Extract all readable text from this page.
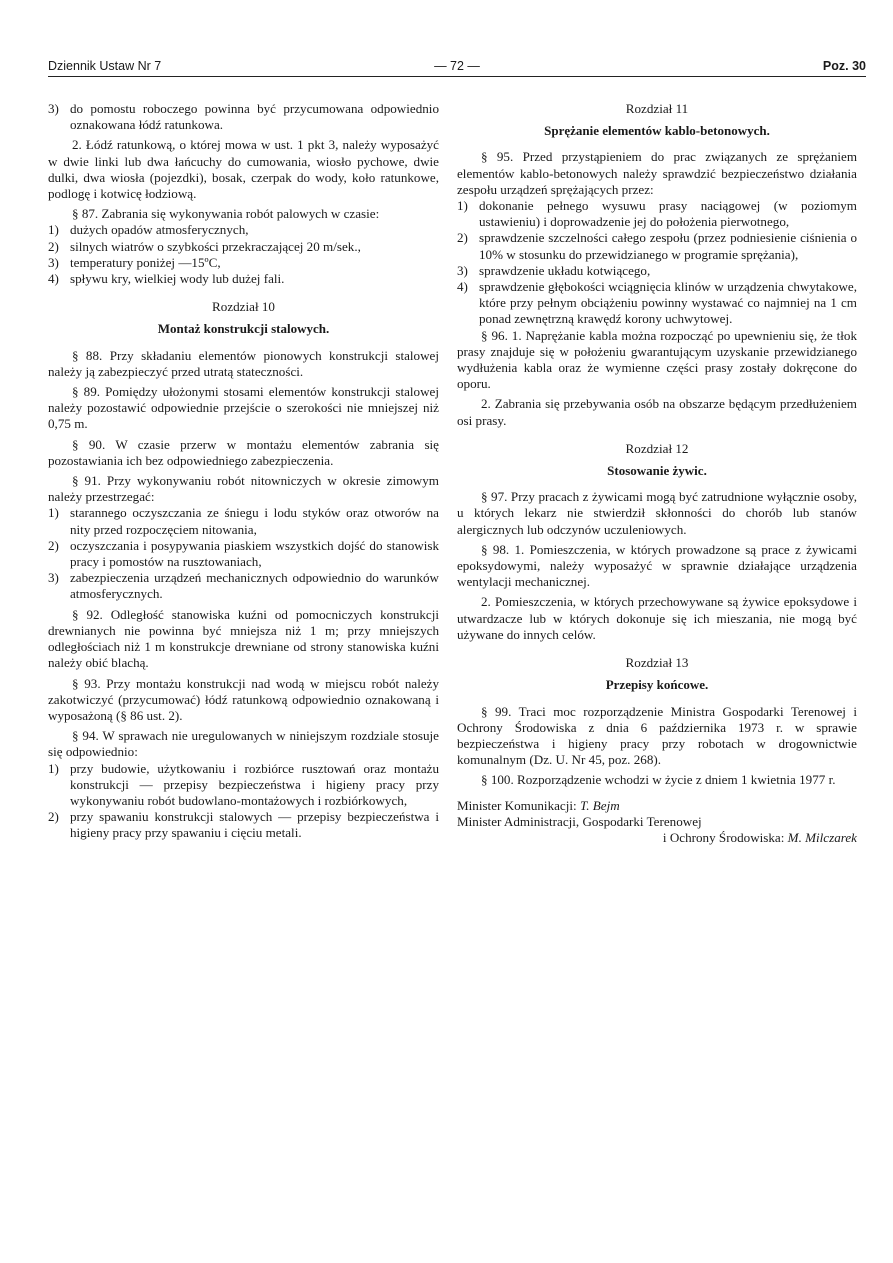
Dziennik Ustaw Nr 7	— 72 —	Poz. 30
3) do pomostu roboczego powinna być przycumowana odpowiednio oznakowana łódź ratunkowa.

2. Łódź ratunkową, o której mowa w ust. 1 pkt 3, należy wyposażyć w dwie linki lub dwa łańcuchy do cumowania, wiosło pychowe, dwie dulki, dwa wiosła (pojezdki), bosak, czerpak do wody, koło ratunkowe, podlogę i kotwicę łodziową.

§ 87. Zabrania się wykonywania robót palowych w czasie:

1) dużych opadów atmosferycznych,
2) silnych wiatrów o szybkości przekraczającej 20 m/sek.,
3) temperatury poniżej —15ºC,
4) spływu kry, wielkiej wody lub dużej fali.
Rozdział 10
Montaż konstrukcji stalowych.

§ 88. Przy składaniu elementów pionowych konstrukcji stalowej należy ją zabezpieczyć przed utratą stateczności.

§ 89. Pomiędzy ułożonymi stosami elementów konstrukcji stalowej należy pozostawić odpowiednie przejście o szerokości nie mniejszej niż 0,75 m.

§ 90. W czasie przerw w montażu elementów zabrania się pozostawiania ich bez odpowiedniego zabezpieczenia.

§ 91. Przy wykonywaniu robót nitowniczych w okresie zimowym należy przestrzegać:

1) starannego oczyszczania ze śniegu i lodu styków oraz otworów na nity przed rozpoczęciem nitowania,
2) oczyszczania i posypywania piaskiem wszystkich dojść do stanowisk pracy i pomostów na rusztowaniach,
3) zabezpieczenia urządzeń mechanicznych odpowiednio do warunków atmosferycznych.

§ 92. Odległość stanowiska kuźni od pomocniczych konstrukcji drewnianych nie powinna być mniejsza niż 1 m; przy mniejszych odległościach niż 1 m konstrukcje drewniane od strony stanowiska kuźni należy obić blachą.

§ 93. Przy montażu konstrukcji nad wodą w miejscu robót należy zakotwiczyć (przycumować) łódź ratunkową odpowiednio oznakowaną i wyposażoną (§ 86 ust. 2).

§ 94. W sprawach nie uregulowanych w niniejszym rozdziale stosuje się odpowiednio:

1) przy budowie, użytkowaniu i rozbiórce rusztowań oraz montażu konstrukcji — przepisy bezpieczeństwa i higieny pracy przy wykonywaniu robót budowlano-montażowych i rozbiórkowych,
2) przy spawaniu konstrukcji stalowych — przepisy bezpieczeństwa i higieny pracy przy spawaniu i cięciu metali.
Rozdział 11
Sprężanie elementów kablo-betonowych.

§ 95. Przed przystąpieniem do prac związanych ze sprężaniem elementów kablo-betonowych należy sprawdzić bezpieczeństwo działania zespołu urządzeń sprężających przez:

1) dokonanie pełnego wysuwu prasy naciągowej (w poziomym ustawieniu) i doprowadzenie jej do położenia pierwotnego,
2) sprawdzenie szczelności całego zespołu (przez podniesienie ciśnienia o 10% w stosunku do przewidzianego w programie sprężania),
3) sprawdzenie układu kotwiącego,
4) sprawdzenie głębokości wciągnięcia klinów w urządzenia chwytakowe, które przy pełnym obciążeniu powinny wystawać co najmniej na 1 cm ponad zewnętrzną krawędź korony uchwytowej.

§ 96. 1. Naprężanie kabla można rozpocząć po upewnieniu się, że tłok prasy znajduje się w położeniu gwarantującym uzyskanie przewidzianego wydłużenia kabla oraz że wymienne części prasy zostały dokręcone do oporu.

2. Zabrania się przebywania osób na obszarze będącym przedłużeniem osi prasy.

Rozdział 12
Stosowanie żywic.

§ 97. Przy pracach z żywicami mogą być zatrudnione wyłącznie osoby, u których lekarz nie stwierdził skłonności do chorób lub stanów alergicznych lub odczynów uczuleniowych.

§ 98. 1. Pomieszczenia, w których prowadzone są prace z żywicami epoksydowymi, należy wyposażyć w sprawnie działające urządzenia wentylacji mechanicznej.

2. Pomieszczenia, w których przechowywane są żywice epoksydowe i utwardzacze lub w których dokonuje się ich mieszania, nie mogą być używane do innych celów.

Rozdział 13
Przepisy końcowe.

§ 99. Traci moc rozporządzenie Ministra Gospodarki Terenowej i Ochrony Środowiska z dnia 6 października 1973 r. w sprawie bezpieczeństwa i higieny pracy przy robotach w drogownictwie komunalnym (Dz. U. Nr 45, poz. 268).

§ 100. Rozporządzenie wchodzi w życie z dniem 1 kwietnia 1977 r.

Minister Komunikacji: T. Bejm
Minister Administracji, Gospodarki Terenowej
i Ochrony Środowiska: M. Milczarek
